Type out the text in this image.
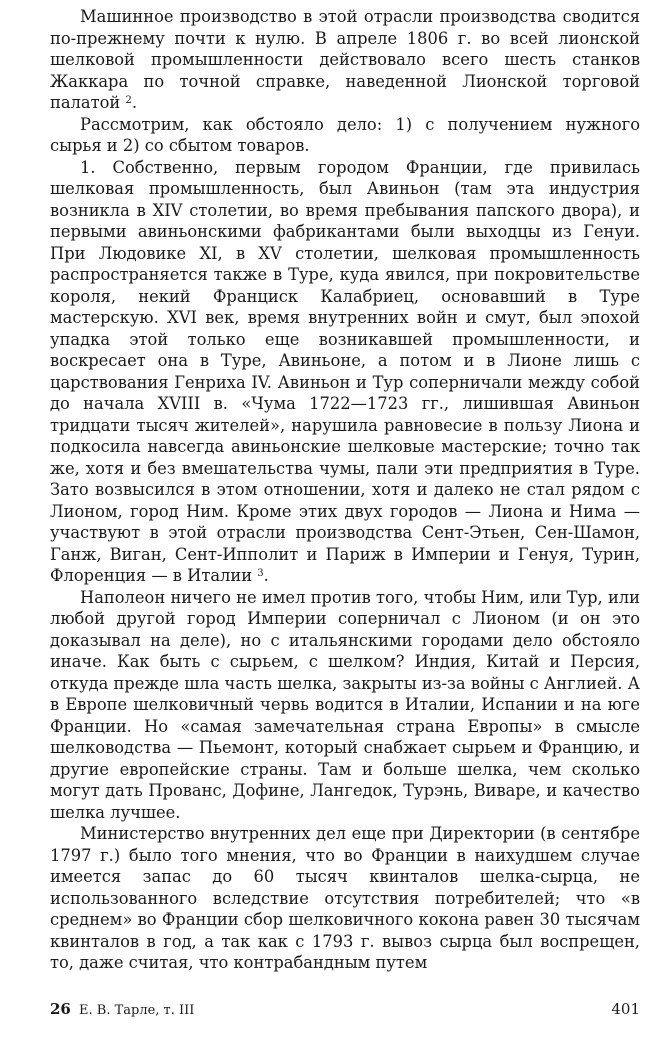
Машинное производство в этой отрасли производства сводится по-прежнему почти к нулю. В апреле 1806 г. во всей лионской шелковой промышленности действовало всего шесть станков Жаккара по точной справке, наведенной Лионской торговой палатой $^2$.

Рассмотрим, как обстояло дело: 1) с получением нужного сырья и 2) со сбытом товаров.

1. Собственно, первым городом Франции, где привилась шелковая промышленность, был Авиньон (там эта индустрия возникла в XIV столетии, во время пребывания папского двора), и первыми авиньонскими фабрикантами были выходцы из Генуи. При Людовике XI, в XV столетии, шелковая промышленность распространяется также в Туре, куда явился, при покровительстве короля, некий Франциск Калабриец, основавший в Туре мастерскую. XVI век, время внутренних войн и смут, был эпохой упадка этой только еще возникавшей промышленности, и воскресает она в Туре, Авиньоне, а потом и в Лионе лишь с царствования Генриха IV. Авиньон и Тур соперничали между собой до начала XVIII в. «Чума 1722—1723 гг., лишившая Авиньон тридцати тысяч жителей», нарушила равновесие в пользу Лиона и подкосила навсегда авиньонские шелковые мастерские; точно так же, хотя и без вмешательства чумы, пали эти предприятия в Туре. Зато возвысился в этом отношении, хотя и далеко не стал рядом с Лионом, город Ним. Кроме этих двух городов — Лиона и Нима — участвуют в этой отрасли производства Сент-Этьен, Сен-Шамон, Ганж, Виган, Сент-Ипполит и Париж в Империи и Генуя, Турин, Флоренция — в Италии $^3$.

Наполеон ничего не имел против того, чтобы Ним, или Тур, или любой другой город Империи соперничал с Лионом (и он это доказывал на деле), но с итальянскими городами дело обстояло иначе. Как быть с сырьем, с шелком? Индия, Китай и Персия, откуда прежде шла часть шелка, закрыты из-за войны с Англией. А в Европе шелковичный червь водится в Италии, Испании и на юге Франции. Но «самая замечательная страна Европы» в смысле шелководства — Пьемонт, который снабжает сырьем и Францию, и другие европейские страны. Там и больше шелка, чем сколько могут дать Прованс, Дофине, Лангедок, Турэнь, Виваре, и качество шелка лучшее.

Министерство внутренних дел еще при Директории (в сентябре 1797 г.) было того мнения, что во Франции в наихудшем случае имеется запас до 60 тысяч квинталов шелка-сырца, не использованного вследствие отсутствия потребителей; что «в среднем» во Франции сбор шелковичного кокона равен 30 тысячам квинталов в год, а так как с 1793 г. вывоз сырца был воспрещен, то, даже считая, что контрабандным путем

26 Е. В. Тарле, т. III	401
